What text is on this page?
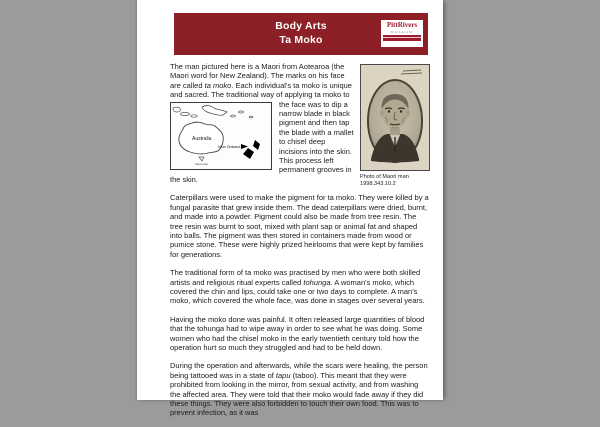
Body Arts
Ta Moko
PittRivers
MUSEUM
Photo of Maori man
1998.343.10.2

The man pictured here is a Maori from Aotearoa (the Maori word for New Zealand). The marks on his face are called ta moko. Each individual's ta moko is unique and sacred. The traditional way of applying ta moko to the face was
Australia
New Zealand
Tasmania
to dip a narrow blade in black pigment and then tap the blade with a mallet to chisel deep incisions into the skin. This process left permanent grooves in the skin.

Caterpillars were used to make the pigment for ta moko. They were killed by a fungal parasite that grew inside them. The dead caterpillars were dried, burnt, and made into a powder. Pigment could also be made from tree resin. The tree resin was burnt to soot, mixed with plant sap or animal fat and shaped into balls. The pigment was then stored in containers made from wood or pumice stone. These were highly prized heirlooms that were kept by families for generations.

The traditional form of ta moko was practised by men who were both skilled artists and religious ritual experts called tohunga. A woman's moko, which covered the chin and lips, could take one or two days to complete. A man's moko, which covered the whole face, was done in stages over several years.

Having the moko done was painful. It often released large quantities of blood that the tohunga had to wipe away in order to see what he was doing. Some women who had the chisel moko in the early twentieth century told how the operation hurt so much they struggled and had to be held down.

During the operation and afterwards, while the scars were healing, the person being tattooed was in a state of tapu (taboo). This meant that they were prohibited from looking in the mirror, from sexual activity, and from washing the affected area. They were told that their moko would fade away if they did these things. They were also forbidden to touch their own food. This was to prevent infection, as it was
